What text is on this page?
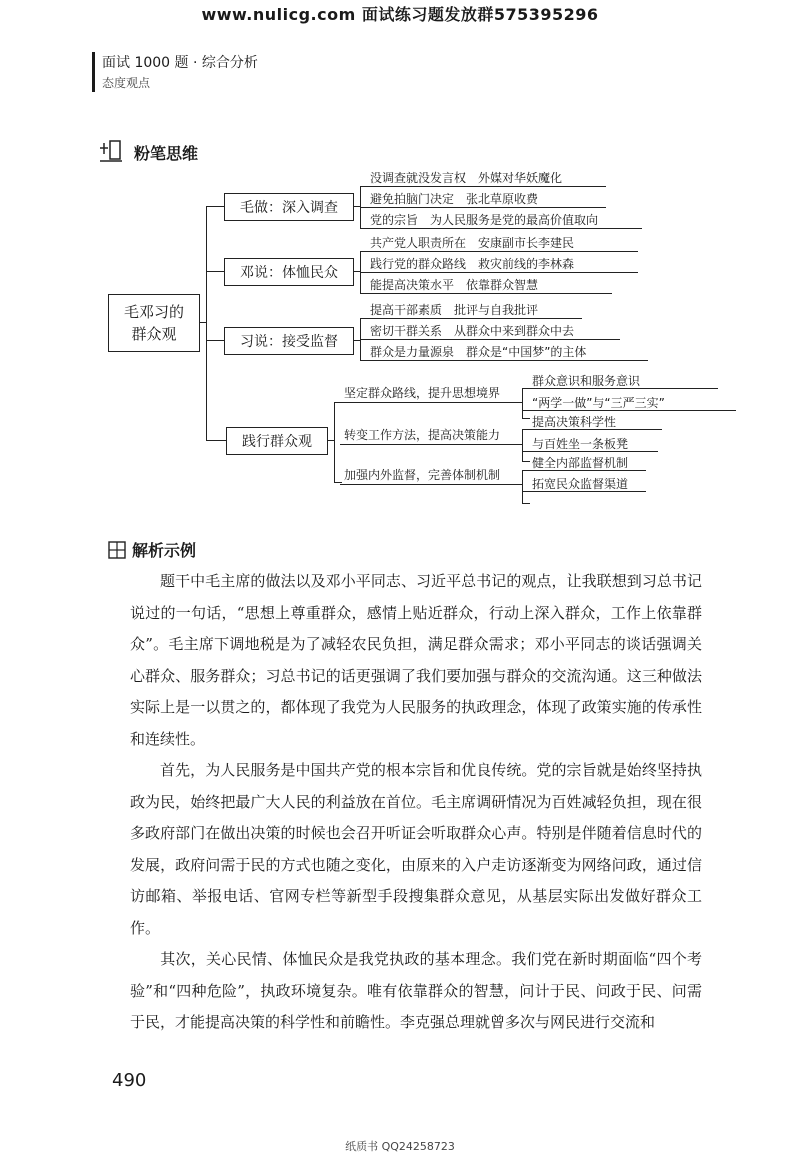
www.nulicg.com 面试练习题发放群575395296
面试 1000 题 · 综合分析
态度观点
粉笔思维
毛邓习的
群众观
毛做：深入调查
邓说：体恤民众
习说：接受监督
践行群众观
没调查就没发言权　外媒对华妖魔化
避免拍脑门决定　张北草原收费
党的宗旨　为人民服务是党的最高价值取向
共产党人职责所在　安康副市长李建民
践行党的群众路线　救灾前线的李林森
能提高决策水平　依靠群众智慧
提高干部素质　批评与自我批评
密切干群关系　从群众中来到群众中去
群众是力量源泉　群众是“中国梦”的主体
坚定群众路线，提升思想境界
群众意识和服务意识
“两学一做”与“三严三实”
转变工作方法，提高决策能力
提高决策科学性
与百姓坐一条板凳
加强内外监督，完善体制机制
健全内部监督机制
拓宽民众监督渠道
解析示例
题干中毛主席的做法以及邓小平同志、习近平总书记的观点，让我联想到习总书记说过的一句话，“思想上尊重群众，感情上贴近群众，行动上深入群众，工作上依靠群众”。毛主席下调地税是为了减轻农民负担，满足群众需求；邓小平同志的谈话强调关心群众、服务群众；习总书记的话更强调了我们要加强与群众的交流沟通。这三种做法实际上是一以贯之的，都体现了我党为人民服务的执政理念，体现了政策实施的传承性和连续性。
首先，为人民服务是中国共产党的根本宗旨和优良传统。党的宗旨就是始终坚持执政为民，始终把最广大人民的利益放在首位。毛主席调研情况为百姓减轻负担，现在很多政府部门在做出决策的时候也会召开听证会听取群众心声。特别是伴随着信息时代的发展，政府问需于民的方式也随之变化，由原来的入户走访逐渐变为网络问政，通过信访邮箱、举报电话、官网专栏等新型手段搜集群众意见，从基层实际出发做好群众工作。
其次，关心民情、体恤民众是我党执政的基本理念。我们党在新时期面临“四个考验”和“四种危险”，执政环境复杂。唯有依靠群众的智慧，问计于民、问政于民、问需于民，才能提高决策的科学性和前瞻性。李克强总理就曾多次与网民进行交流和
490
纸质书 QQ24258723
